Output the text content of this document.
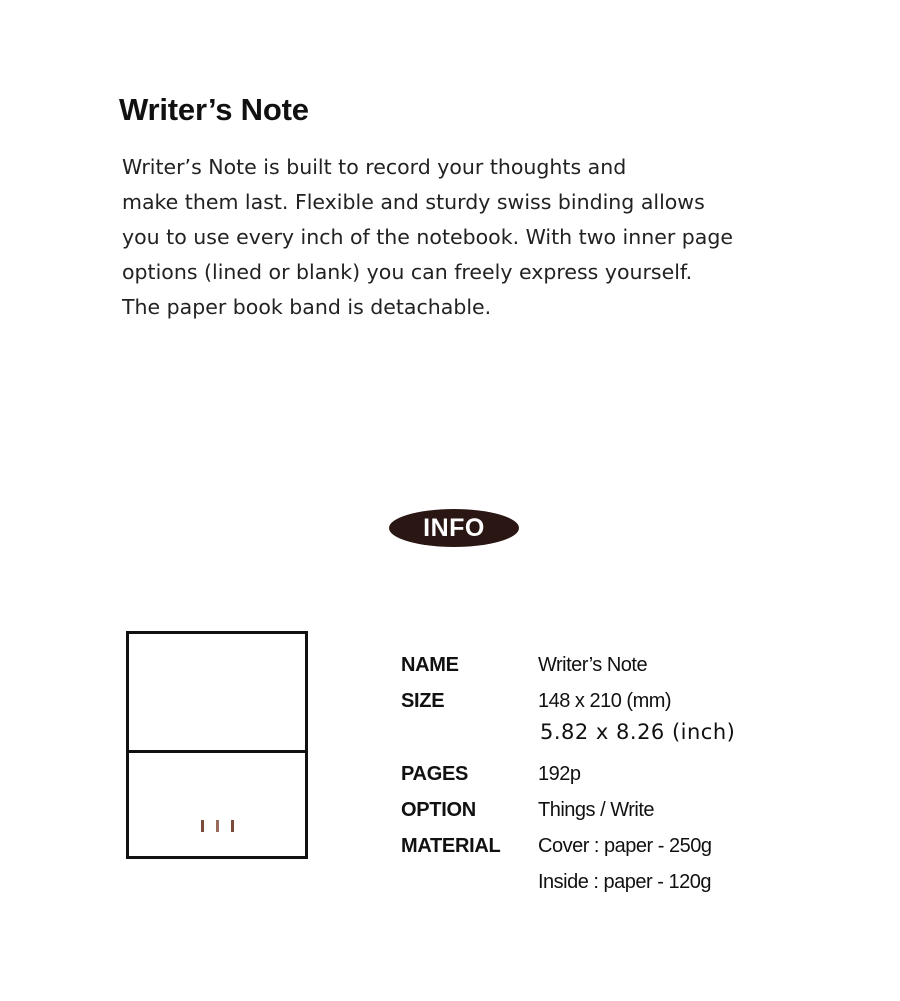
Writer’s Note

Writer’s Note is built to record your thoughts and
make them last. Flexible and sturdy swiss binding allows
you to use every inch of the notebook. With two inner page
options (lined or blank) you can freely express yourself.
The paper book band is detachable.

INFO
NAME	Writer’s Note
SIZE	148 x 210 (mm)
5.82 x 8.26 (inch)
PAGES	192p
OPTION	Things / Write
MATERIAL Cover : paper - 250g
Inside : paper - 120g
